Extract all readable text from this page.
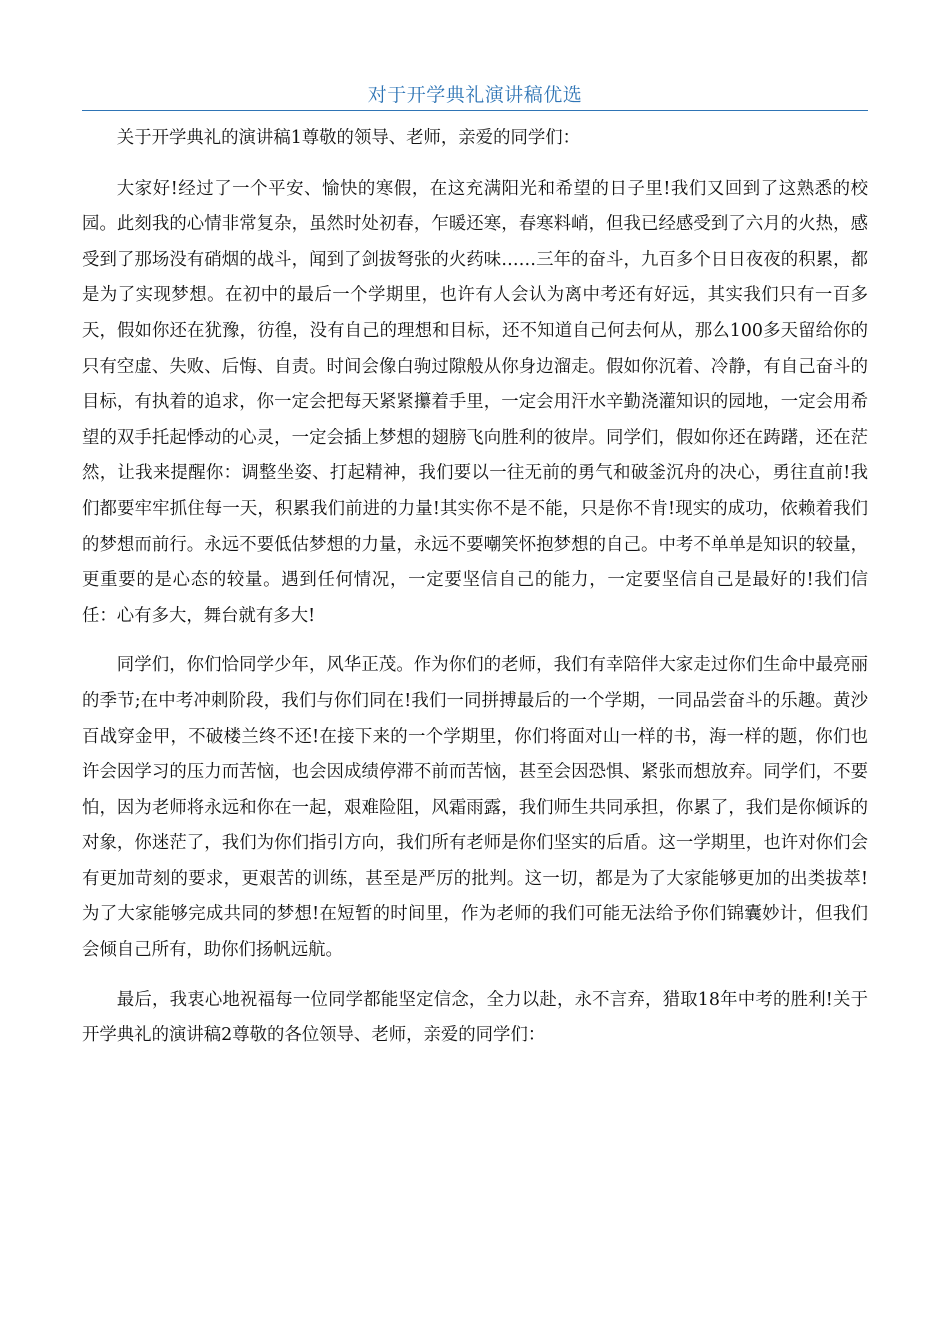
对于开学典礼演讲稿优选

关于开学典礼的演讲稿1尊敬的领导、老师，亲爱的同学们：

大家好!经过了一个平安、愉快的寒假，在这充满阳光和希望的日子里!我们又回到了这熟悉的校园。此刻我的心情非常复杂，虽然时处初春，乍暖还寒，春寒料峭，但我已经感受到了六月的火热，感受到了那场没有硝烟的战斗，闻到了剑拔弩张的火药味……三年的奋斗，九百多个日日夜夜的积累，都是为了实现梦想。在初中的最后一个学期里，也许有人会认为离中考还有好远，其实我们只有一百多天，假如你还在犹豫，彷徨，没有自己的理想和目标，还不知道自己何去何从，那么100多天留给你的只有空虚、失败、后悔、自责。时间会像白驹过隙般从你身边溜走。假如你沉着、冷静，有自己奋斗的目标，有执着的追求，你一定会把每天紧紧攥着手里，一定会用汗水辛勤浇灌知识的园地，一定会用希望的双手托起悸动的心灵，一定会插上梦想的翅膀飞向胜利的彼岸。同学们，假如你还在踌躇，还在茫然，让我来提醒你：调整坐姿、打起精神，我们要以一往无前的勇气和破釜沉舟的决心，勇往直前!我们都要牢牢抓住每一天，积累我们前进的力量!其实你不是不能，只是你不肯!现实的成功，依赖着我们的梦想而前行。永远不要低估梦想的力量，永远不要嘲笑怀抱梦想的自己。中考不单单是知识的较量，更重要的是心态的较量。遇到任何情况，一定要坚信自己的能力，一定要坚信自己是最好的!我们信任：心有多大，舞台就有多大!

同学们，你们恰同学少年，风华正茂。作为你们的老师，我们有幸陪伴大家走过你们生命中最亮丽的季节;在中考冲刺阶段，我们与你们同在!我们一同拼搏最后的一个学期，一同品尝奋斗的乐趣。黄沙百战穿金甲，不破楼兰终不还!在接下来的一个学期里，你们将面对山一样的书，海一样的题，你们也许会因学习的压力而苦恼，也会因成绩停滞不前而苦恼，甚至会因恐惧、紧张而想放弃。同学们，不要怕，因为老师将永远和你在一起，艰难险阻，风霜雨露，我们师生共同承担，你累了，我们是你倾诉的对象，你迷茫了，我们为你们指引方向，我们所有老师是你们坚实的后盾。这一学期里，也许对你们会有更加苛刻的要求，更艰苦的训练，甚至是严厉的批判。这一切，都是为了大家能够更加的出类拔萃!为了大家能够完成共同的梦想!在短暂的时间里，作为老师的我们可能无法给予你们锦囊妙计，但我们会倾自己所有，助你们扬帆远航。

最后，我衷心地祝福每一位同学都能坚定信念，全力以赴，永不言弃，猎取18年中考的胜利!关于开学典礼的演讲稿2尊敬的各位领导、老师，亲爱的同学们：
